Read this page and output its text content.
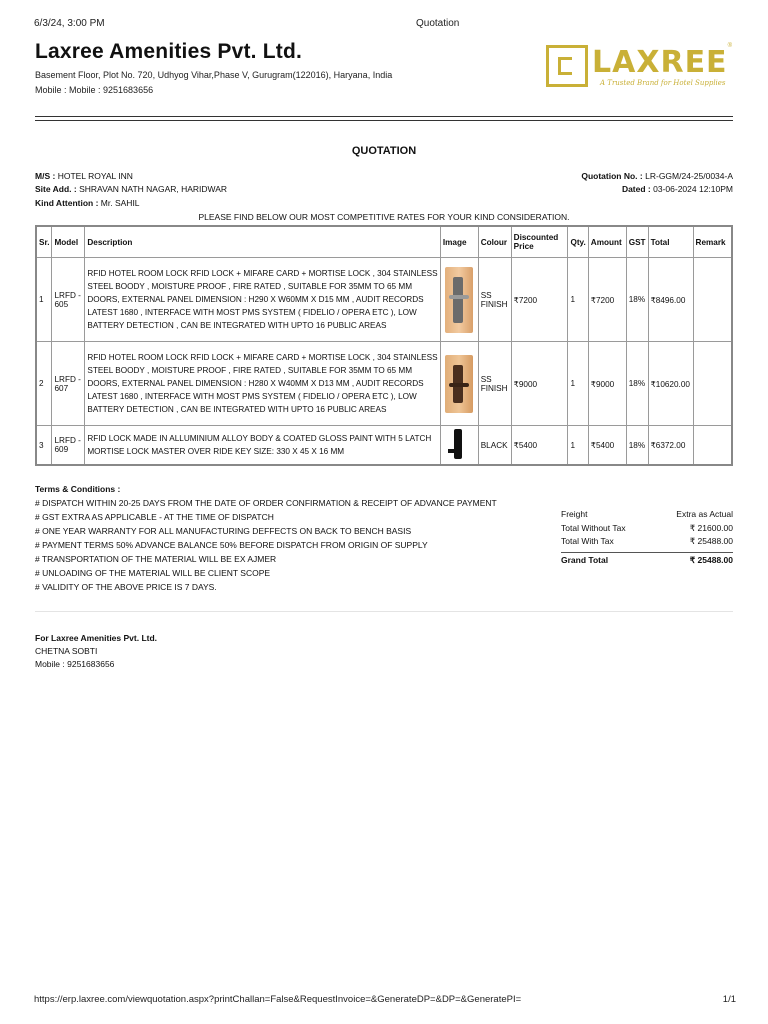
6/3/24, 3:00 PM	Quotation
Laxree Amenities Pvt. Ltd.
Basement Floor, Plot No. 720, Udhyog Vihar,Phase V, Gurugram(122016), Haryana, India
Mobile : Mobile : 9251683656
LAXREE
A Trusted Brand for Hotel Supplies
®
QUOTATION
M/S : HOTEL ROYAL INN
Site Add. : SHRAVAN NATH NAGAR, HARIDWAR
Kind Attention : Mr. SAHIL
Quotation No. : LR-GGM/24-25/0034-A
Dated : 03-06-2024 12:10PM
PLEASE FIND BELOW OUR MOST COMPETITIVE RATES FOR YOUR KIND CONSIDERATION.
Sr.	Model	Description	Image	Colour	Discounted Price	Qty.	Amount	GST	Total	Remark
1	LRFD - 605	RFID HOTEL ROOM LOCK RFID LOCK + MIFARE CARD + MORTISE LOCK , 304 STAINLESS STEEL BOODY , MOISTURE PROOF , FIRE RATED , SUITABLE FOR 35MM TO 65 MM DOORS, EXTERNAL PANEL DIMENSION : H290 X W60MM X D15 MM , AUDIT RECORDS LATEST 1680 , INTERFACE WITH MOST PMS SYSTEM ( FIDELIO / OPERA ETC ), LOW BATTERY DETECTION , CAN BE INTEGRATED WITH UPTO 16 PUBLIC AREAS		SS FINISH	₹7200	1	₹7200	18%	₹8496.00	
2	LRFD - 607	RFID HOTEL ROOM LOCK RFID LOCK + MIFARE CARD + MORTISE LOCK , 304 STAINLESS STEEL BOODY , MOISTURE PROOF , FIRE RATED , SUITABLE FOR 35MM TO 65 MM DOORS, EXTERNAL PANEL DIMENSION : H280 X W40MM X D13 MM , AUDIT RECORDS LATEST 1680 , INTERFACE WITH MOST PMS SYSTEM ( FIDELIO / OPERA ETC ), LOW BATTERY DETECTION , CAN BE INTEGRATED WITH UPTO 16 PUBLIC AREAS		SS FINISH	₹9000	1	₹9000	18%	₹10620.00	
3	LRFD - 609	RFID LOCK MADE IN ALLUMINIUM ALLOY BODY & COATED GLOSS PAINT WITH 5 LATCH MORTISE LOCK MASTER OVER RIDE KEY SIZE: 330 X 45 X 16 MM		BLACK	₹5400	1	₹5400	18%	₹6372.00	
Terms & Conditions :
# DISPATCH WITHIN 20-25 DAYS FROM THE DATE OF ORDER CONFIRMATION & RECEIPT OF ADVANCE PAYMENT
# GST EXTRA AS APPLICABLE - AT THE TIME OF DISPATCH
# ONE YEAR WARRANTY FOR ALL MANUFACTURING DEFFECTS ON BACK TO BENCH BASIS
# PAYMENT TERMS 50% ADVANCE BALANCE 50% BEFORE DISPATCH FROM ORIGIN OF SUPPLY
# TRANSPORTATION OF THE MATERIAL WILL BE EX AJMER
# UNLOADING OF THE MATERIAL WILL BE CLIENT SCOPE
# VALIDITY OF THE ABOVE PRICE IS 7 DAYS.
Freight	Extra as Actual
Total Without Tax	₹ 21600.00
Total With Tax	₹ 25488.00
Grand Total	₹ 25488.00
For Laxree Amenities Pvt. Ltd.
CHETNA SOBTI
Mobile : 9251683656
https://erp.laxree.com/viewquotation.aspx?printChallan=False&RequestInvoice=&GenerateDP=&DP=&GeneratePI=	1/1
